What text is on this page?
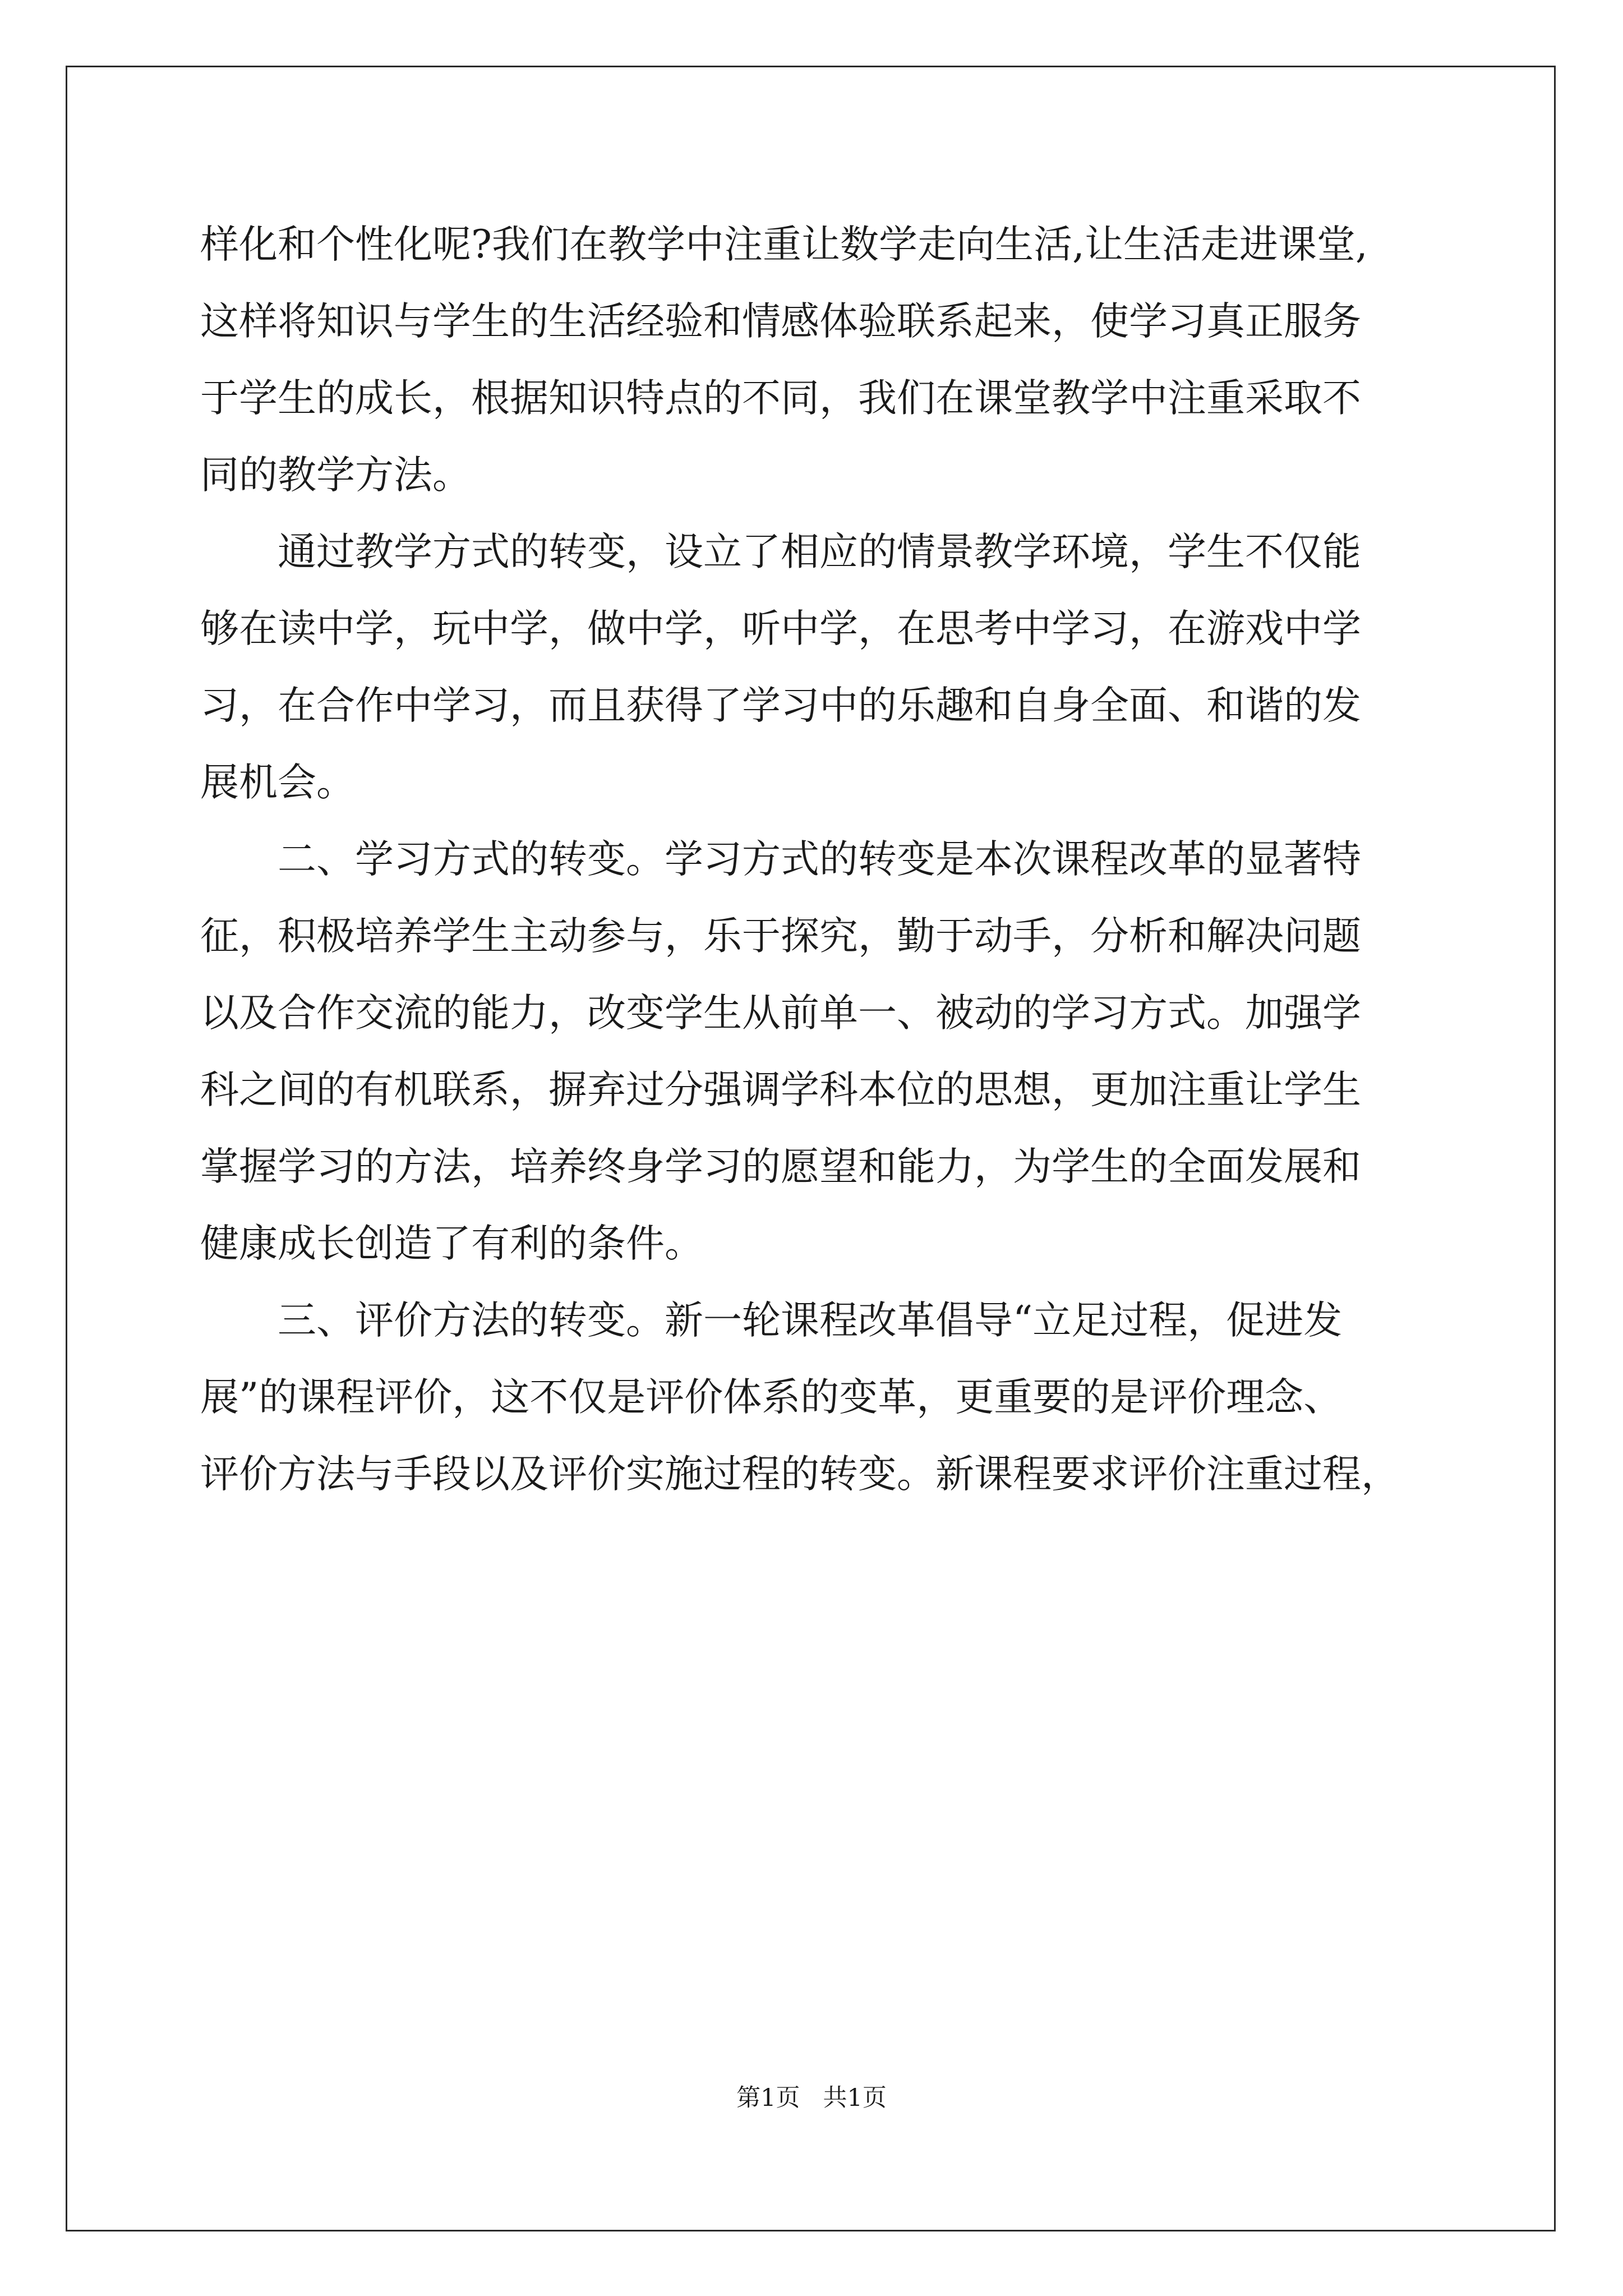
样化和个性化呢?我们在教学中注重让数学走向生活,让生活走进课堂,
这样将知识与学生的生活经验和情感体验联系起来，使学习真正服务
于学生的成长，根据知识特点的不同，我们在课堂教学中注重采取不
同的教学方法。
　　通过教学方式的转变，设立了相应的情景教学环境，学生不仅能
够在读中学，玩中学，做中学，听中学，在思考中学习，在游戏中学
习，在合作中学习，而且获得了学习中的乐趣和自身全面、和谐的发
展机会。
　　二、学习方式的转变。学习方式的转变是本次课程改革的显著特
征，积极培养学生主动参与，乐于探究，勤于动手，分析和解决问题
以及合作交流的能力，改变学生从前单一、被动的学习方式。加强学
科之间的有机联系，摒弃过分强调学科本位的思想，更加注重让学生
掌握学习的方法，培养终身学习的愿望和能力，为学生的全面发展和
健康成长创造了有利的条件。
　　三、评价方法的转变。新一轮课程改革倡导“立足过程，促进发
展”的课程评价，这不仅是评价体系的变革，更重要的是评价理念、
评价方法与手段以及评价实施过程的转变。新课程要求评价注重过程，
第1页   共1页
